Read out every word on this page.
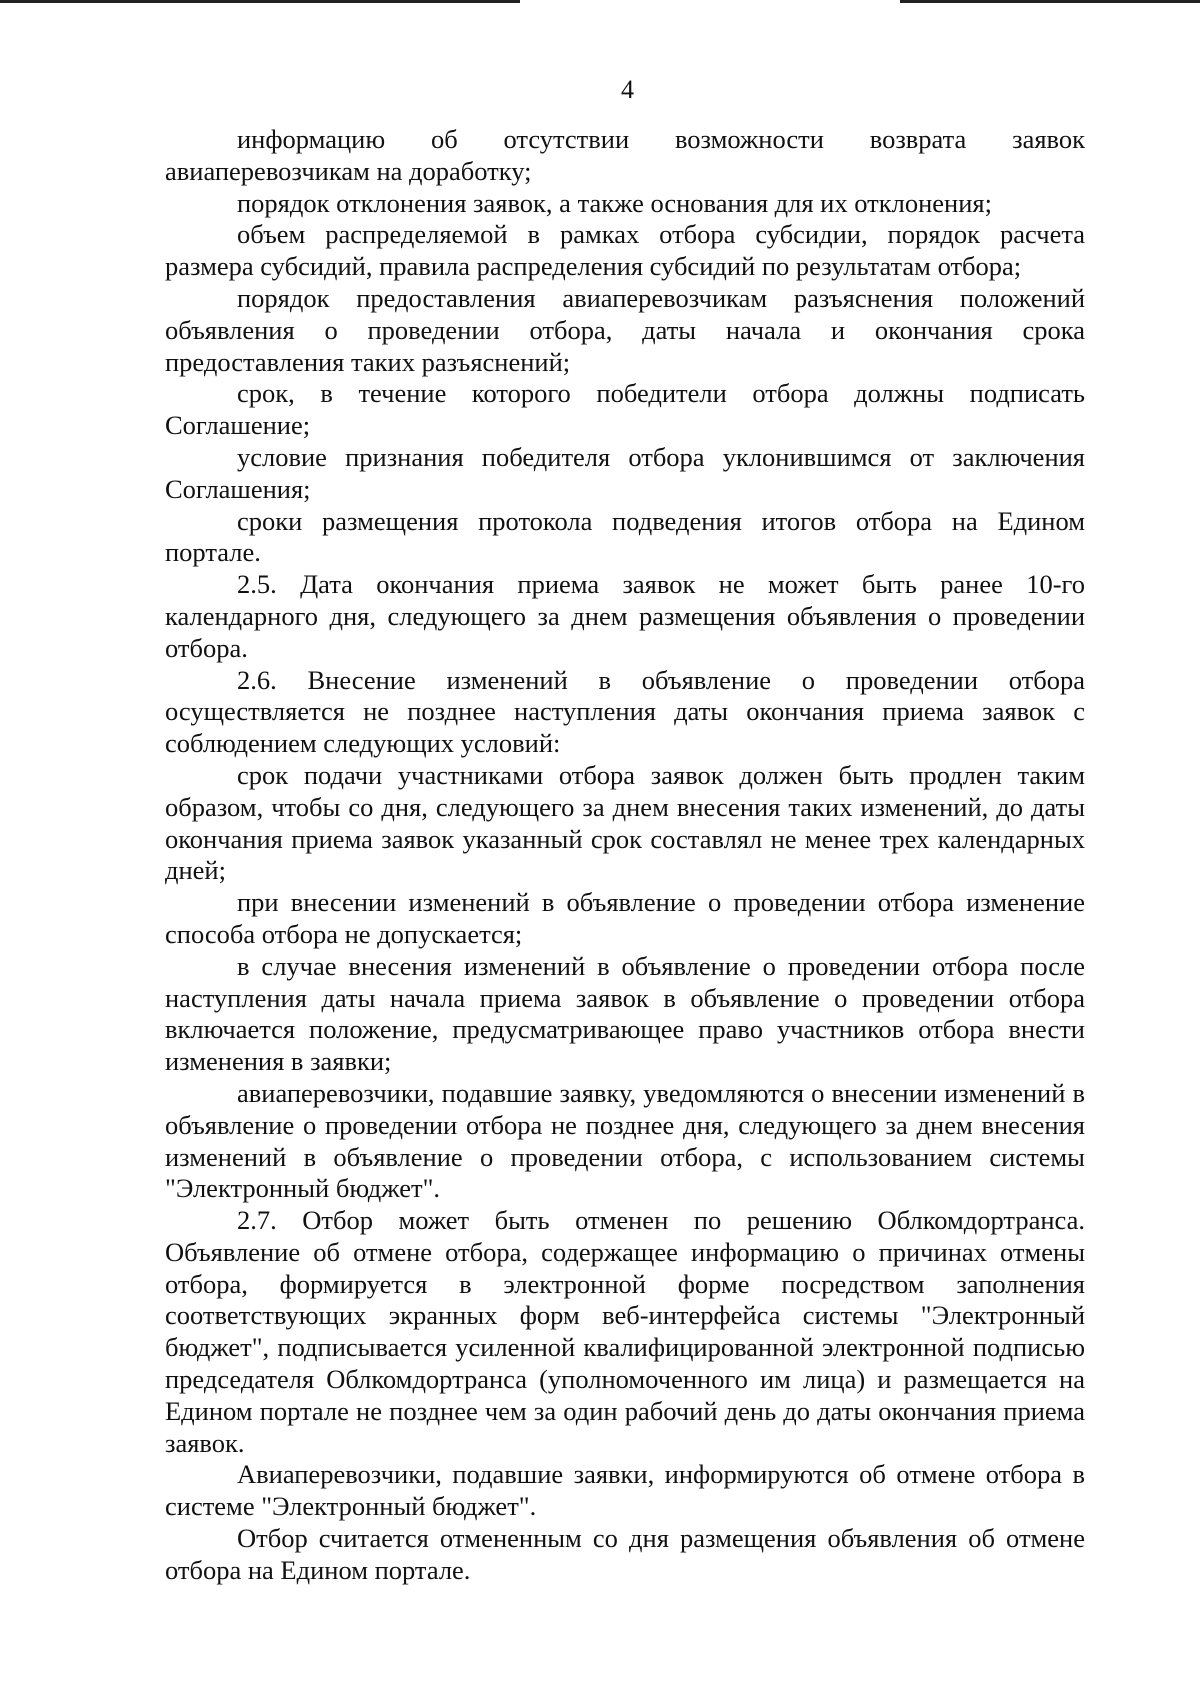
4

информацию об отсутствии возможности возврата заявок авиаперевозчикам на доработку;

порядок отклонения заявок, а также основания для их отклонения;

объем распределяемой в рамках отбора субсидии, порядок расчета размера субсидий, правила распределения субсидий по результатам отбора;

порядок предоставления авиаперевозчикам разъяснения положений объявления о проведении отбора, даты начала и окончания срока предоставления таких разъяснений;

срок, в течение которого победители отбора должны подписать Соглашение;

условие признания победителя отбора уклонившимся от заключения Соглашения;

сроки размещения протокола подведения итогов отбора на Едином портале.

2.5. Дата окончания приема заявок не может быть ранее 10-го календарного дня, следующего за днем размещения объявления о проведении отбора.

2.6. Внесение изменений в объявление о проведении отбора осуществляется не позднее наступления даты окончания приема заявок с соблюдением следующих условий:

срок подачи участниками отбора заявок должен быть продлен таким образом, чтобы со дня, следующего за днем внесения таких изменений, до даты окончания приема заявок указанный срок составлял не менее трех календарных дней;

при внесении изменений в объявление о проведении отбора изменение способа отбора не допускается;

в случае внесения изменений в объявление о проведении отбора после наступления даты начала приема заявок в объявление о проведении отбора включается положение, предусматривающее право участников отбора внести изменения в заявки;

авиаперевозчики, подавшие заявку, уведомляются о внесении изменений в объявление о проведении отбора не позднее дня, следующего за днем внесения изменений в объявление о проведении отбора, с использованием системы "Электронный бюджет".

2.7. Отбор может быть отменен по решению Облкомдортранса. Объявление об отмене отбора, содержащее информацию о причинах отмены отбора, формируется в электронной форме посредством заполнения соответствующих экранных форм веб-интерфейса системы "Электронный бюджет", подписывается усиленной квалифицированной электронной подписью председателя Облкомдортранса (уполномоченного им лица) и размещается на Едином портале не позднее чем за один рабочий день до даты окончания приема заявок.

Авиаперевозчики, подавшие заявки, информируются об отмене отбора в системе "Электронный бюджет".

Отбор считается отмененным со дня размещения объявления об отмене отбора на Едином портале.
